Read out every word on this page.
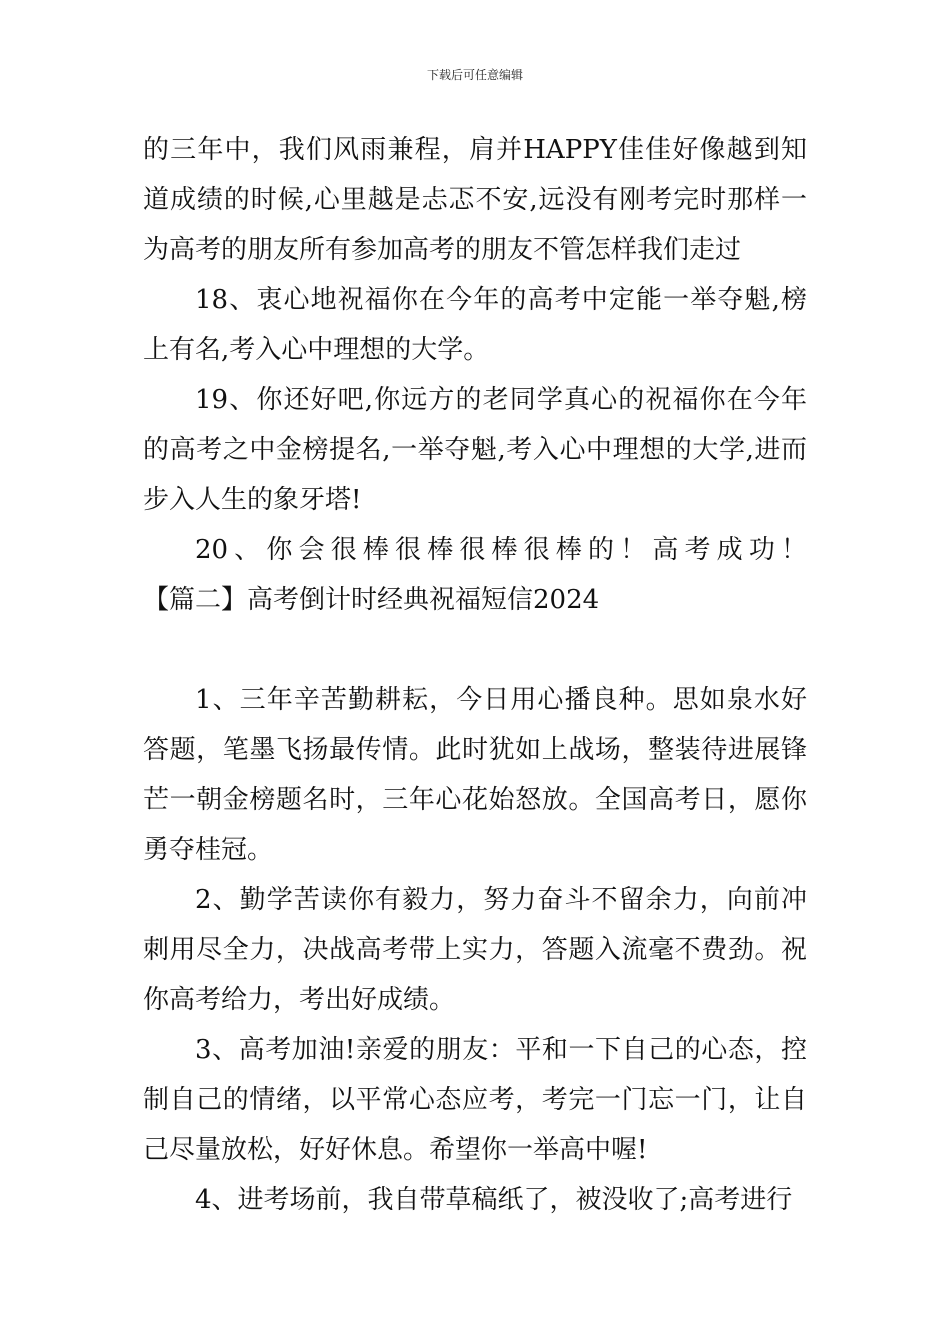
下载后可任意编辑

的三年中，我们风雨兼程，肩并HAPPY佳佳好像越到知道成绩的时候,心里越是忐忑不安,远没有刚考完时那样一为高考的朋友所有参加高考的朋友不管怎样我们走过

18、衷心地祝福你在今年的高考中定能一举夺魁,榜上有名,考入心中理想的大学。

19、你还好吧,你远方的老同学真心的祝福你在今年的高考之中金榜提名,一举夺魁,考入心中理想的大学,进而步入人生的象牙塔!

20、你会很棒很棒很棒很棒的！高考成功！　　　【篇二】高考倒计时经典祝福短信2024

1、三年辛苦勤耕耘，今日用心播良种。思如泉水好答题，笔墨飞扬最传情。此时犹如上战场，整装待进展锋芒一朝金榜题名时，三年心花始怒放。全国高考日，愿你勇夺桂冠。

2、勤学苦读你有毅力，努力奋斗不留余力，向前冲刺用尽全力，决战高考带上实力，答题入流毫不费劲。祝你高考给力，考出好成绩。

3、高考加油!亲爱的朋友：平和一下自己的心态，控制自己的情绪，以平常心态应考，考完一门忘一门，让自己尽量放松，好好休息。希望你一举高中喔!

4、进考场前，我自带草稿纸了，被没收了;高考进行
